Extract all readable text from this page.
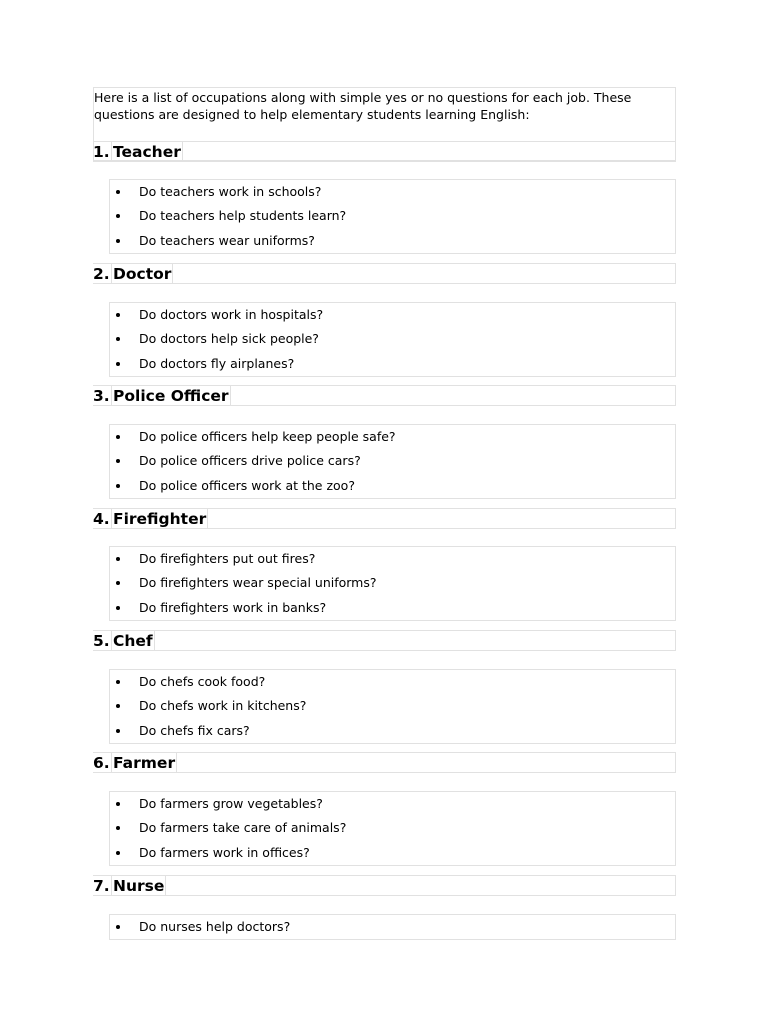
Here is a list of occupations along with simple yes or no questions for each job. These questions are designed to help elementary students learning English:
1. Teacher
Do teachers work in schools?
Do teachers help students learn?
Do teachers wear uniforms?
2. Doctor
Do doctors work in hospitals?
Do doctors help sick people?
Do doctors fly airplanes?
3. Police Officer
Do police officers help keep people safe?
Do police officers drive police cars?
Do police officers work at the zoo?
4. Firefighter
Do firefighters put out fires?
Do firefighters wear special uniforms?
Do firefighters work in banks?
5. Chef
Do chefs cook food?
Do chefs work in kitchens?
Do chefs fix cars?
6. Farmer
Do farmers grow vegetables?
Do farmers take care of animals?
Do farmers work in offices?
7. Nurse
Do nurses help doctors?
